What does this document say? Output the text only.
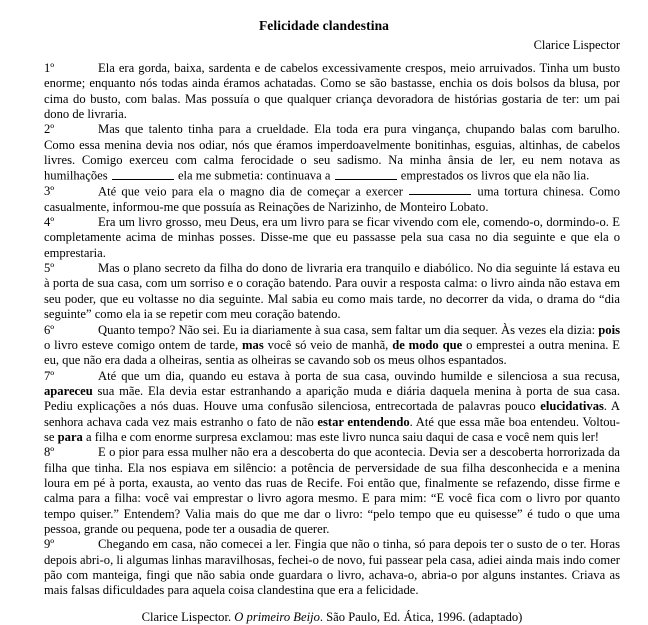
Felicidade clandestina
Clarice Lispector

1º	Ela era gorda, baixa, sardenta e de cabelos excessivamente crespos, meio arruivados. Tinha um busto enorme; enquanto nós todas ainda éramos achatadas. Como se são bastasse, enchia os dois bolsos da blusa, por cima do busto, com balas. Mas possuía o que qualquer criança devoradora de histórias gostaria de ter: um pai dono de livraria.

2º	Mas que talento tinha para a crueldade. Ela toda era pura vingança, chupando balas com barulho. Como essa menina devia nos odiar, nós que éramos imperdoavelmente bonitinhas, esguias, altinhas, de cabelos livres. Comigo exerceu com calma ferocidade o seu sadismo. Na minha ânsia de ler, eu nem notava as humilhações	ela me submetia: continuava a	emprestados os livros que ela não lia.

3º	Até que veio para ela o magno dia de começar a exercer	uma tortura chinesa. Como casualmente, informou-me que possuía as Reinações de Narizinho, de Monteiro Lobato.

4º	Era um livro grosso, meu Deus, era um livro para se ficar vivendo com ele, comendo-o, dormindo-o. E completamente acima de minhas posses. Disse-me que eu passasse pela sua casa no dia seguinte e que ela o emprestaria.

5º	Mas o plano secreto da filha do dono de livraria era tranquilo e diabólico. No dia seguinte lá estava eu à porta de sua casa, com um sorriso e o coração batendo. Para ouvir a resposta calma: o livro ainda não estava em seu poder, que eu voltasse no dia seguinte. Mal sabia eu como mais tarde, no decorrer da vida, o drama do “dia seguinte” como ela ia se repetir com meu coração batendo.

6º	Quanto tempo? Não sei. Eu ia diariamente à sua casa, sem faltar um dia sequer. Às vezes ela dizia: pois o livro esteve comigo ontem de tarde, mas você só veio de manhã, de modo que o emprestei a outra menina. E eu, que não era dada a olheiras, sentia as olheiras se cavando sob os meus olhos espantados.

7º	Até que um dia, quando eu estava à porta de sua casa, ouvindo humilde e silenciosa a sua recusa, apareceu sua mãe. Ela devia estar estranhando a aparição muda e diária daquela menina à porta de sua casa. Pediu explicações a nós duas. Houve uma confusão silenciosa, entrecortada de palavras pouco elucidativas. A senhora achava cada vez mais estranho o fato de não estar entendendo. Até que essa mãe boa entendeu. Voltou-se para a filha e com enorme surpresa exclamou: mas este livro nunca saiu daqui de casa e você nem quis ler!

8º	E o pior para essa mulher não era a descoberta do que acontecia. Devia ser a descoberta horrorizada da filha que tinha. Ela nos espiava em silêncio: a potência de perversidade de sua filha desconhecida e a menina loura em pé à porta, exausta, ao vento das ruas de Recife. Foi então que, finalmente se refazendo, disse firme e calma para a filha: você vai emprestar o livro agora mesmo. E para mim: “E você fica com o livro por quanto tempo quiser.” Entendem? Valia mais do que me dar o livro: “pelo tempo que eu quisesse” é tudo o que uma pessoa, grande ou pequena, pode ter a ousadia de querer.

9º	Chegando em casa, não comecei a ler. Fingia que não o tinha, só para depois ter o susto de o ter. Horas depois abri-o, li algumas linhas maravilhosas, fechei-o de novo, fui passear pela casa, adiei ainda mais indo comer pão com manteiga, fingi que não sabia onde guardara o livro, achava-o, abria-o por alguns instantes. Criava as mais falsas dificuldades para aquela coisa clandestina que era a felicidade.

Clarice Lispector. O primeiro Beijo. São Paulo, Ed. Ática, 1996. (adaptado)
